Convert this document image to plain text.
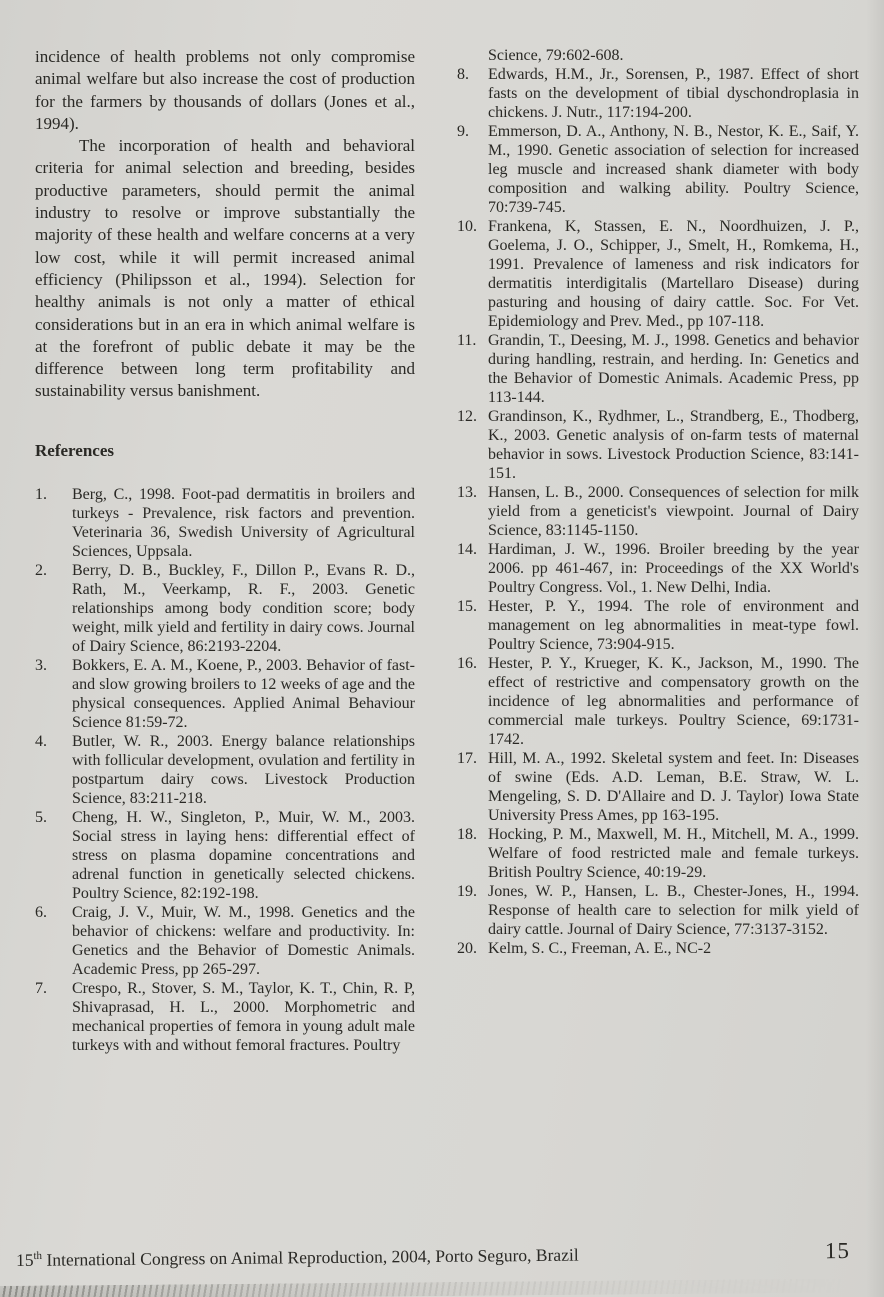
incidence of health problems not only compromise animal welfare but also increase the cost of production for the farmers by thousands of dollars (Jones et al., 1994).

The incorporation of health and behavioral criteria for animal selection and breeding, besides productive parameters, should permit the animal industry to resolve or improve substantially the majority of these health and welfare concerns at a very low cost, while it will permit increased animal efficiency (Philipsson et al., 1994). Selection for healthy animals is not only a matter of ethical considerations but in an era in which animal welfare is at the forefront of public debate it may be the difference between long term profitability and sustainability versus banishment.

References
1. Berg, C., 1998. Foot-pad dermatitis in broilers and turkeys - Prevalence, risk factors and prevention. Veterinaria 36, Swedish University of Agricultural Sciences, Uppsala.
2. Berry, D. B., Buckley, F., Dillon P., Evans R. D., Rath, M., Veerkamp, R. F., 2003. Genetic relationships among body condition score; body weight, milk yield and fertility in dairy cows. Journal of Dairy Science, 86:2193-2204.
3. Bokkers, E. A. M., Koene, P., 2003. Behavior of fast- and slow growing broilers to 12 weeks of age and the physical consequences. Applied Animal Behaviour Science 81:59-72.
4. Butler, W. R., 2003. Energy balance relationships with follicular development, ovulation and fertility in postpartum dairy cows. Livestock Production Science, 83:211-218.
5. Cheng, H. W., Singleton, P., Muir, W. M., 2003. Social stress in laying hens: differential effect of stress on plasma dopamine concentrations and adrenal function in genetically selected chickens. Poultry Science, 82:192-198.
6. Craig, J. V., Muir, W. M., 1998. Genetics and the behavior of chickens: welfare and productivity. In: Genetics and the Behavior of Domestic Animals. Academic Press, pp 265-297.
7. Crespo, R., Stover, S. M., Taylor, K. T., Chin, R. P, Shivaprasad, H. L., 2000. Morphometric and mechanical properties of femora in young adult male turkeys with and without femoral fractures. Poultry
Science, 79:602-608.
8. Edwards, H.M., Jr., Sorensen, P., 1987. Effect of short fasts on the development of tibial dyschondroplasia in chickens. J. Nutr., 117:194-200.
9. Emmerson, D. A., Anthony, N. B., Nestor, K. E., Saif, Y. M., 1990. Genetic association of selection for increased leg muscle and increased shank diameter with body composition and walking ability. Poultry Science, 70:739-745.
10. Frankena, K, Stassen, E. N., Noordhuizen, J. P., Goelema, J. O., Schipper, J., Smelt, H., Romkema, H., 1991. Prevalence of lameness and risk indicators for dermatitis interdigitalis (Martellaro Disease) during pasturing and housing of dairy cattle. Soc. For Vet. Epidemiology and Prev. Med., pp 107-118.
11. Grandin, T., Deesing, M. J., 1998. Genetics and behavior during handling, restrain, and herding. In: Genetics and the Behavior of Domestic Animals. Academic Press, pp 113-144.
12. Grandinson, K., Rydhmer, L., Strandberg, E., Thodberg, K., 2003. Genetic analysis of on-farm tests of maternal behavior in sows. Livestock Production Science, 83:141-151.
13. Hansen, L. B., 2000. Consequences of selection for milk yield from a geneticist's viewpoint. Journal of Dairy Science, 83:1145-1150.
14. Hardiman, J. W., 1996. Broiler breeding by the year 2006. pp 461-467, in: Proceedings of the XX World's Poultry Congress. Vol., 1. New Delhi, India.
15. Hester, P. Y., 1994. The role of environment and management on leg abnormalities in meat-type fowl. Poultry Science, 73:904-915.
16. Hester, P. Y., Krueger, K. K., Jackson, M., 1990. The effect of restrictive and compensatory growth on the incidence of leg abnormalities and performance of commercial male turkeys. Poultry Science, 69:1731-1742.
17. Hill, M. A., 1992. Skeletal system and feet. In: Diseases of swine (Eds. A.D. Leman, B.E. Straw, W. L. Mengeling, S. D. D'Allaire and D. J. Taylor) Iowa State University Press Ames, pp 163-195.
18. Hocking, P. M., Maxwell, M. H., Mitchell, M. A., 1999. Welfare of food restricted male and female turkeys. British Poultry Science, 40:19-29.
19. Jones, W. P., Hansen, L. B., Chester-Jones, H., 1994. Response of health care to selection for milk yield of dairy cattle. Journal of Dairy Science, 77:3137-3152.
20. Kelm, S. C., Freeman, A. E., NC-2
15th International Congress on Animal Reproduction, 2004, Porto Seguro, Brazil	15
